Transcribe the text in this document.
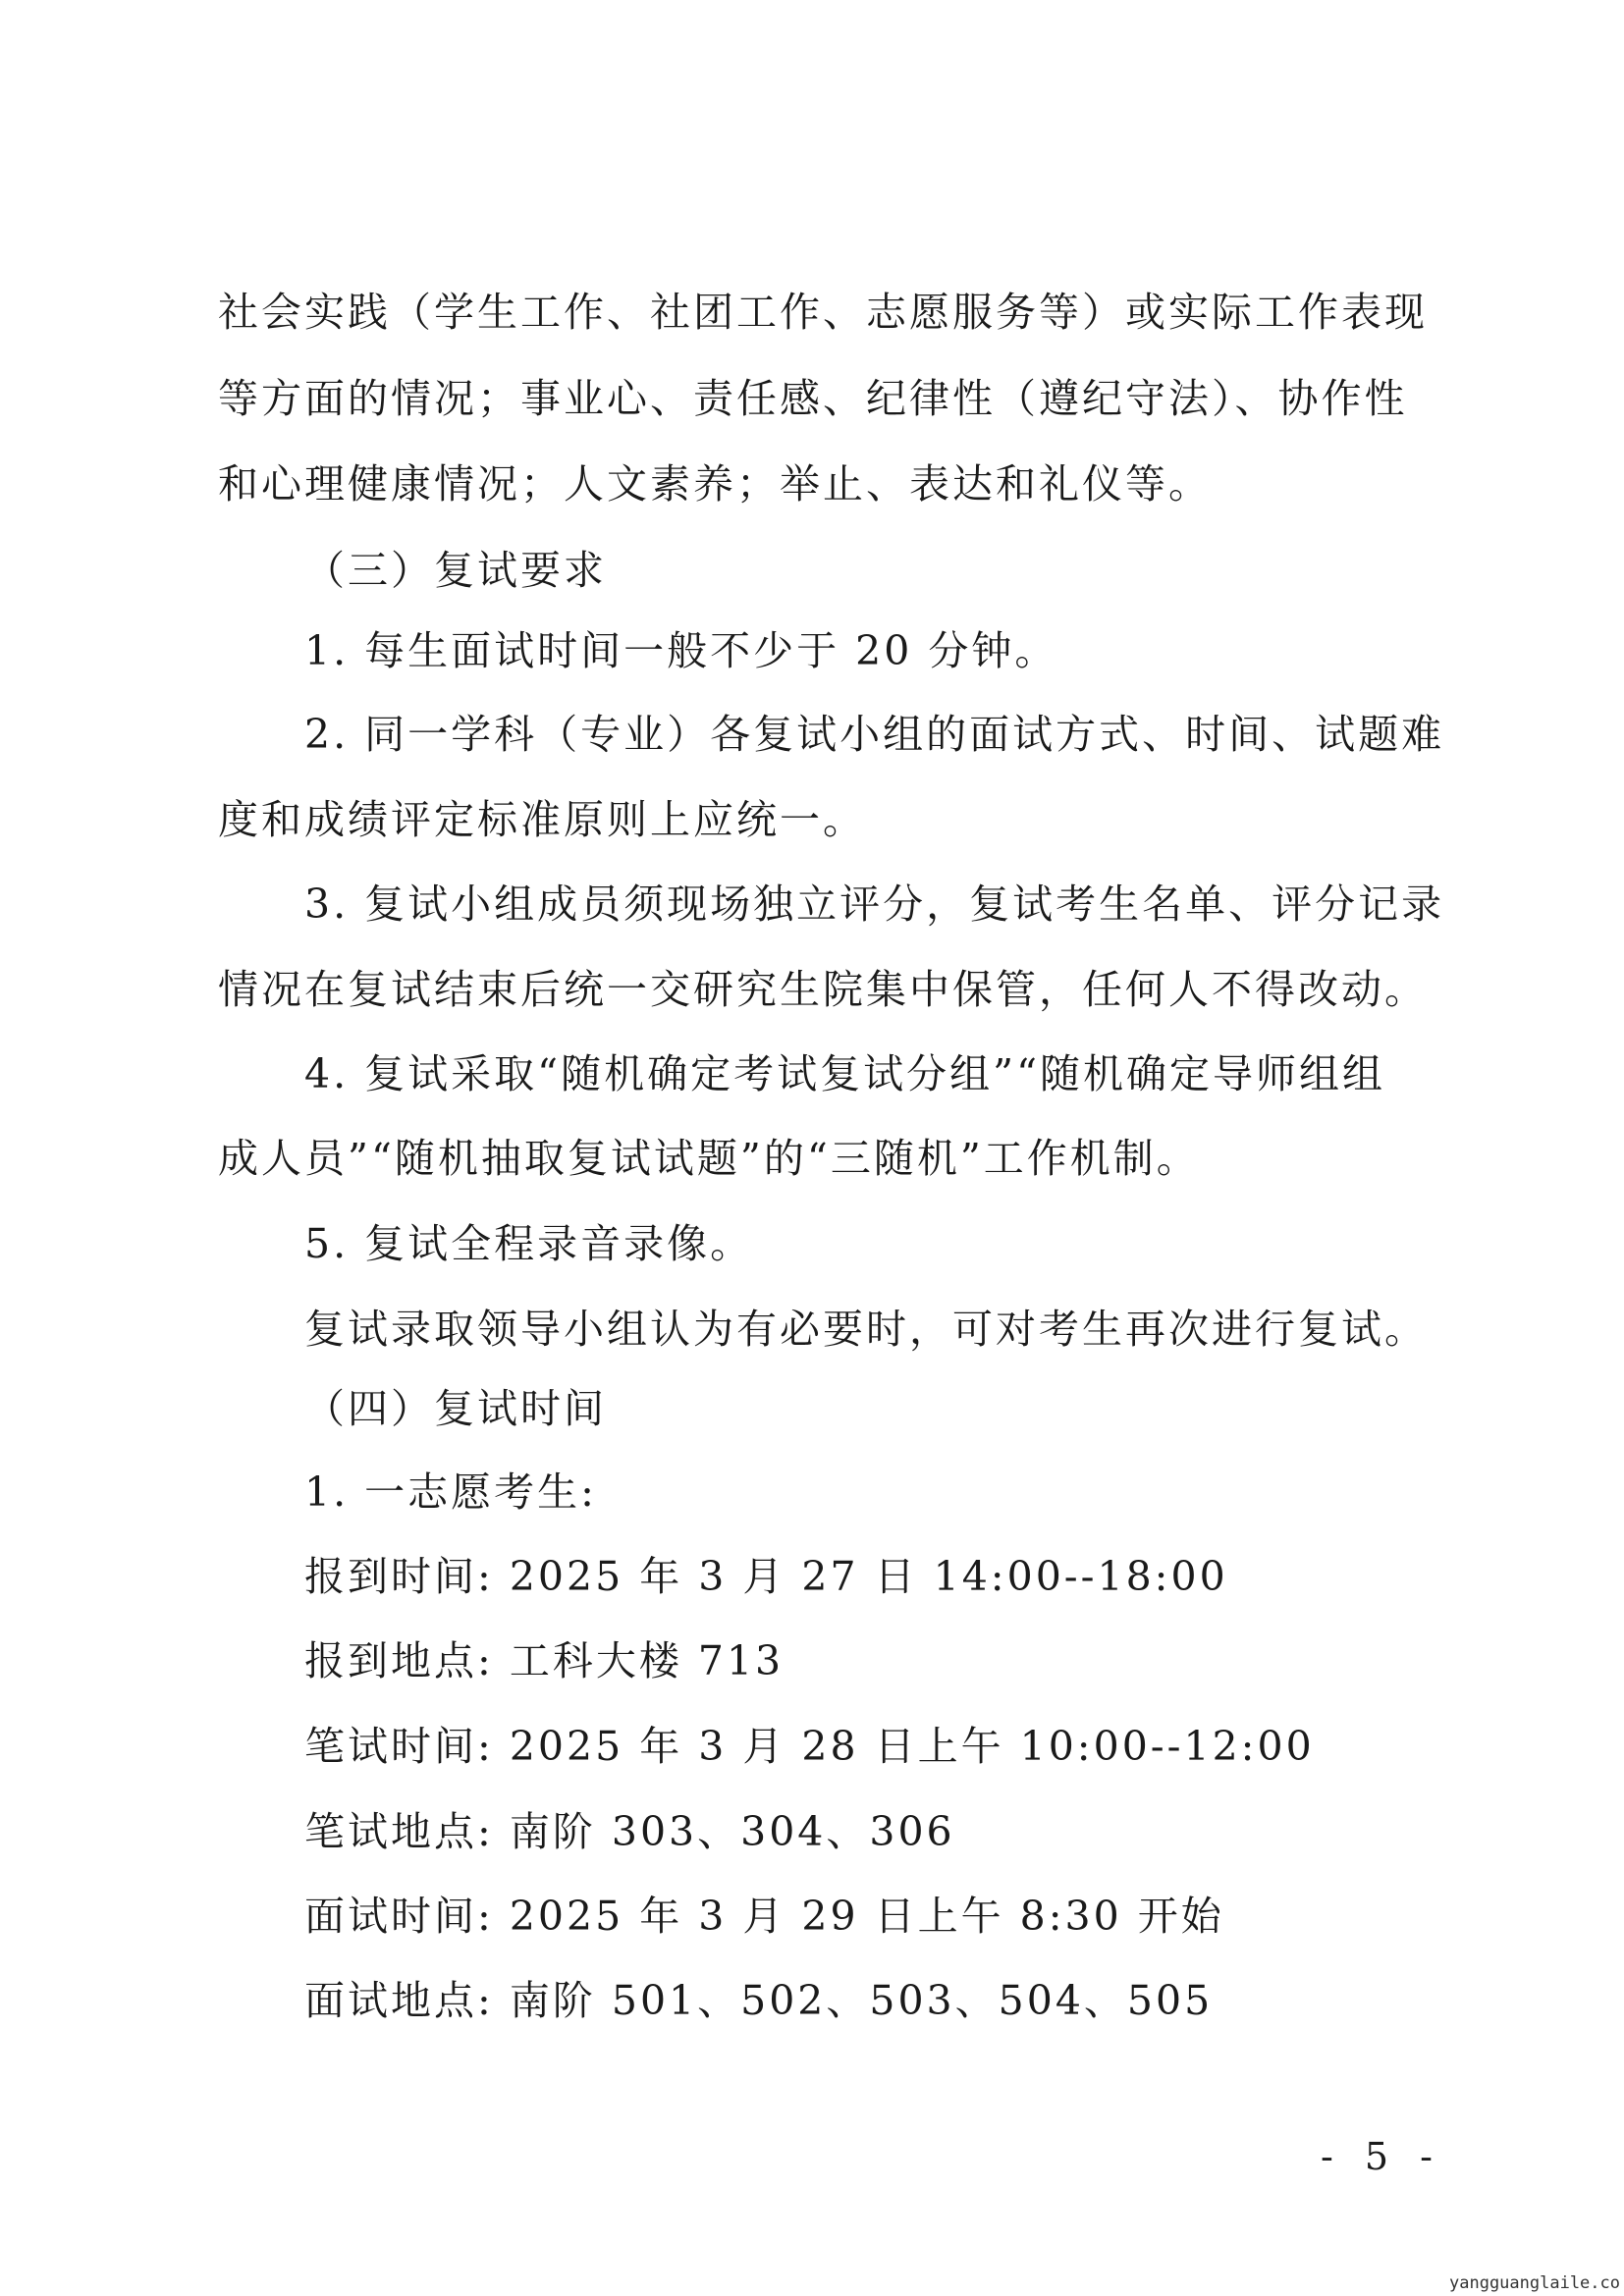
社会实践（学生工作、社团工作、志愿服务等）或实际工作表现
等方面的情况；事业心、责任感、纪律性（遵纪守法）、协作性
和心理健康情况；人文素养；举止、表达和礼仪等。
（三）复试要求
1. 每生面试时间一般不少于 20 分钟。
2. 同一学科（专业）各复试小组的面试方式、时间、试题难
度和成绩评定标准原则上应统一。
3. 复试小组成员须现场独立评分，复试考生名单、评分记录
情况在复试结束后统一交研究生院集中保管，任何人不得改动。
4. 复试采取“随机确定考试复试分组”“随机确定导师组组
成人员”“随机抽取复试试题”的“三随机”工作机制。
5. 复试全程录音录像。
复试录取领导小组认为有必要时，可对考生再次进行复试。
（四）复试时间
1. 一志愿考生:
报到时间: 2025 年 3 月 27 日 14:00--18:00
报到地点: 工科大楼 713
笔试时间: 2025 年 3 月 28 日上午 10:00--12:00
笔试地点: 南阶 303、304、306
面试时间: 2025 年 3 月 29 日上午 8:30 开始
面试地点: 南阶 501、502、503、504、505
- 5 -
yangguanglaile.co
